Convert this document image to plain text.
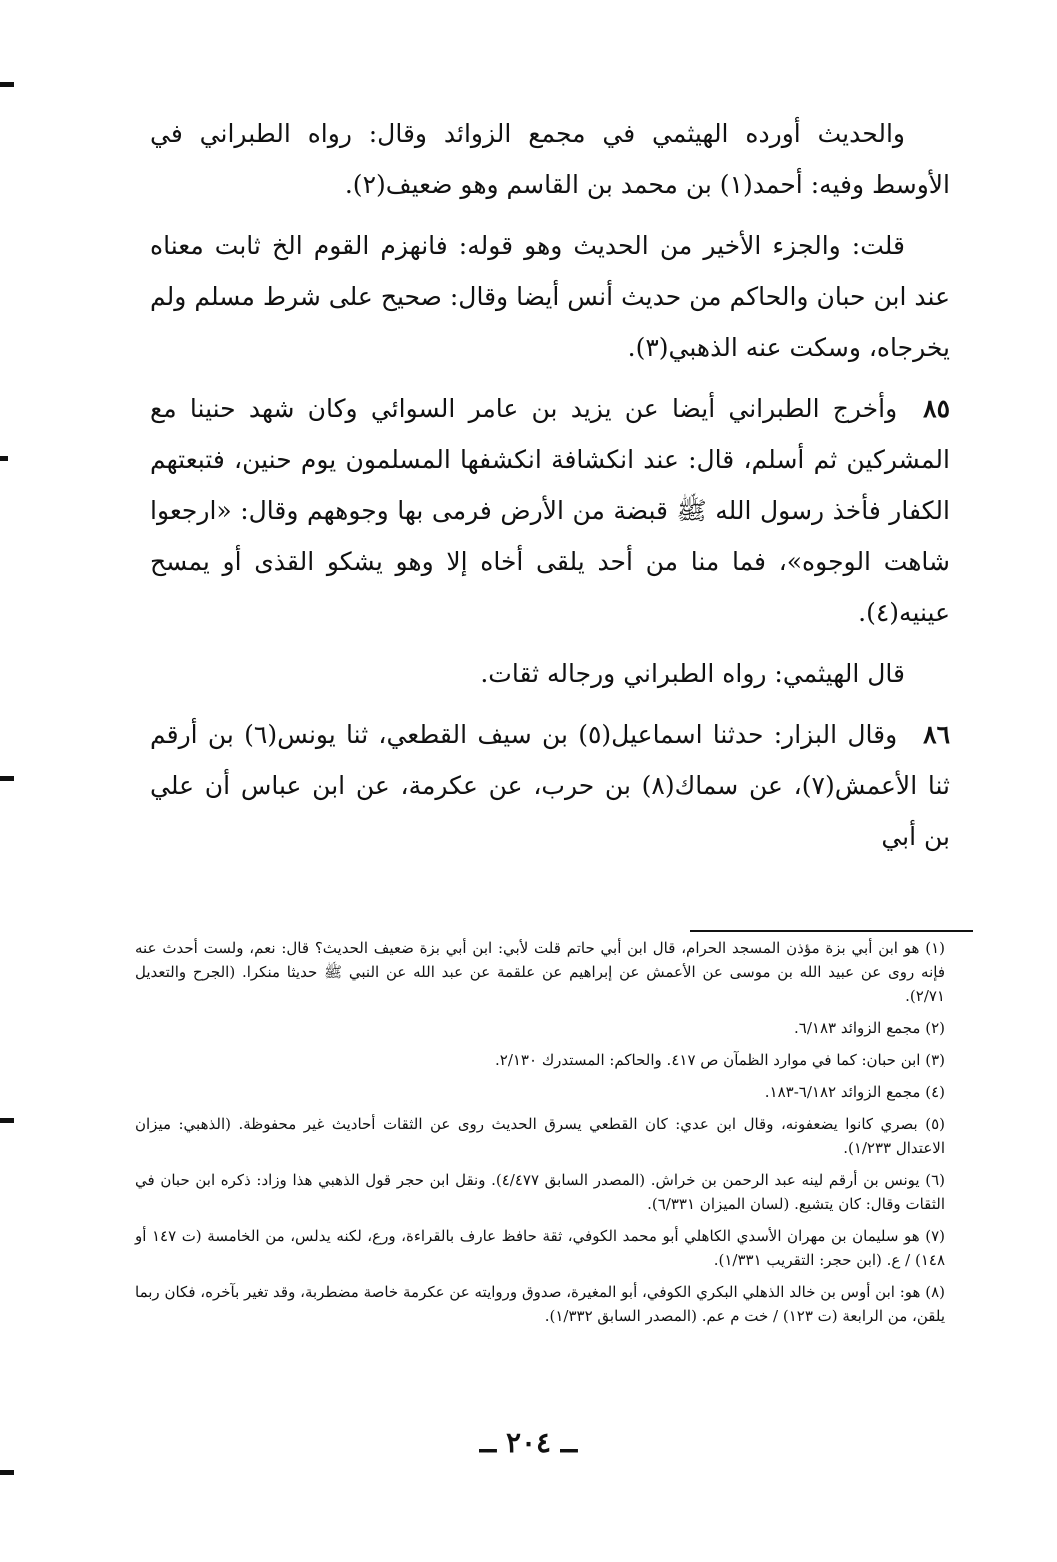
والحديث أورده الهيثمي في مجمع الزوائد وقال: رواه الطبراني في الأوسط وفيه: أحمد(١) بن محمد بن القاسم وهو ضعيف(٢).

قلت: والجزء الأخير من الحديث وهو قوله: فانهزم القوم الخ ثابت معناه عند ابن حبان والحاكم من حديث أنس أيضا وقال: صحيح على شرط مسلم ولم يخرجاه، وسكت عنه الذهبي(٣).

٨٥وأخرج الطبراني أيضا عن يزيد بن عامر السوائي وكان شهد حنينا مع المشركين ثم أسلم، قال: عند انكشافة انكشفها المسلمون يوم حنين، فتبعتهم الكفار فأخذ رسول الله ﷺ قبضة من الأرض فرمى بها وجوههم وقال: «ارجعوا شاهت الوجوه»، فما منا من أحد يلقى أخاه إلا وهو يشكو القذى أو يمسح عينيه(٤).

قال الهيثمي: رواه الطبراني ورجاله ثقات.

٨٦وقال البزار: حدثنا اسماعيل(٥) بن سيف القطعي، ثنا يونس(٦) بن أرقم ثنا الأعمش(٧)، عن سماك(٨) بن حرب، عن عكرمة، عن ابن عباس أن علي بن أبي

(١) هو ابن أبي بزة مؤذن المسجد الحرام، قال ابن أبي حاتم قلت لأبي: ابن أبي بزة ضعيف الحديث؟ قال: نعم، ولست أحدث عنه فإنه روى عن عبيد الله بن موسى عن الأعمش عن إبراهيم عن علقمة عن عبد الله عن النبي ﷺ حديثا منكرا. (الجرح والتعديل ٢/٧١).

(٢) مجمع الزوائد ٦/١٨٣.

(٣) ابن حبان: كما في موارد الظمآن ص ٤١٧. والحاكم: المستدرك ٢/١٣٠.

(٤) مجمع الزوائد ٦/١٨٢-١٨٣.

(٥) بصري كانوا يضعفونه، وقال ابن عدي: كان القطعي يسرق الحديث روى عن الثقات أحاديث غير محفوظة. (الذهبي: ميزان الاعتدال ١/٢٣٣).

(٦) يونس بن أرقم لينه عبد الرحمن بن خراش. (المصدر السابق ٤/٤٧٧). ونقل ابن حجر قول الذهبي هذا وزاد: ذكره ابن حبان في الثقات وقال: كان يتشيع. (لسان الميزان ٦/٣٣١).

(٧) هو سليمان بن مهران الأسدي الكاهلي أبو محمد الكوفي، ثقة حافظ عارف بالقراءة، ورع، لكنه يدلس، من الخامسة (ت ١٤٧ أو ١٤٨) / ع. (ابن حجر: التقريب ١/٣٣١).

(٨) هو: ابن أوس بن خالد الذهلي البكري الكوفي، أبو المغيرة، صدوق وروايته عن عكرمة خاصة مضطربة، وقد تغير بآخره، فكان ربما يلقن، من الرابعة (ت ١٢٣) / خت م عم. (المصدر السابق ١/٣٣٢).

ــ ٢٠٤ ــ
